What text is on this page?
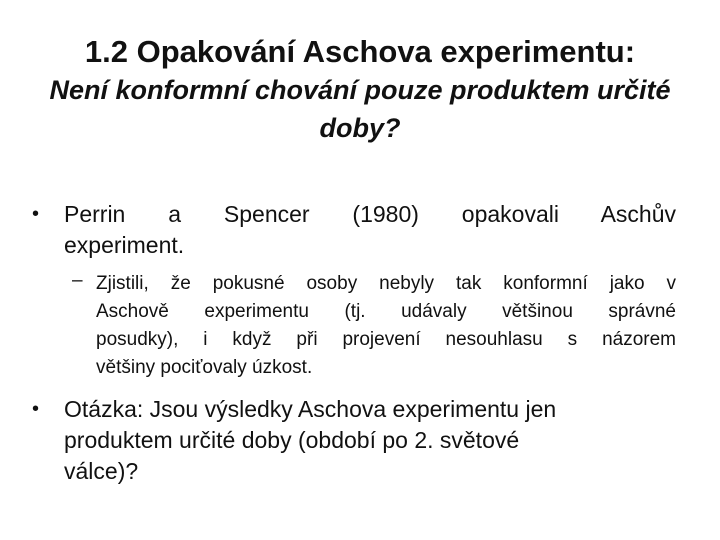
1.2 Opakování Aschova experimentu:
Není konformní chování pouze produktem určité
doby?
• Perrin a Spencer (1980) opakovali Aschův
experiment.
– Zjistili, že pokusné osoby nebyly tak konformní jako v
Aschově experimentu (tj. udávaly většinou správné
posudky), i když při projevení nesouhlasu s názorem
většiny pociťovaly úzkost.
• Otázka: Jsou výsledky Aschova experimentu jen
produktem určité doby (období po 2. světové
válce)?
